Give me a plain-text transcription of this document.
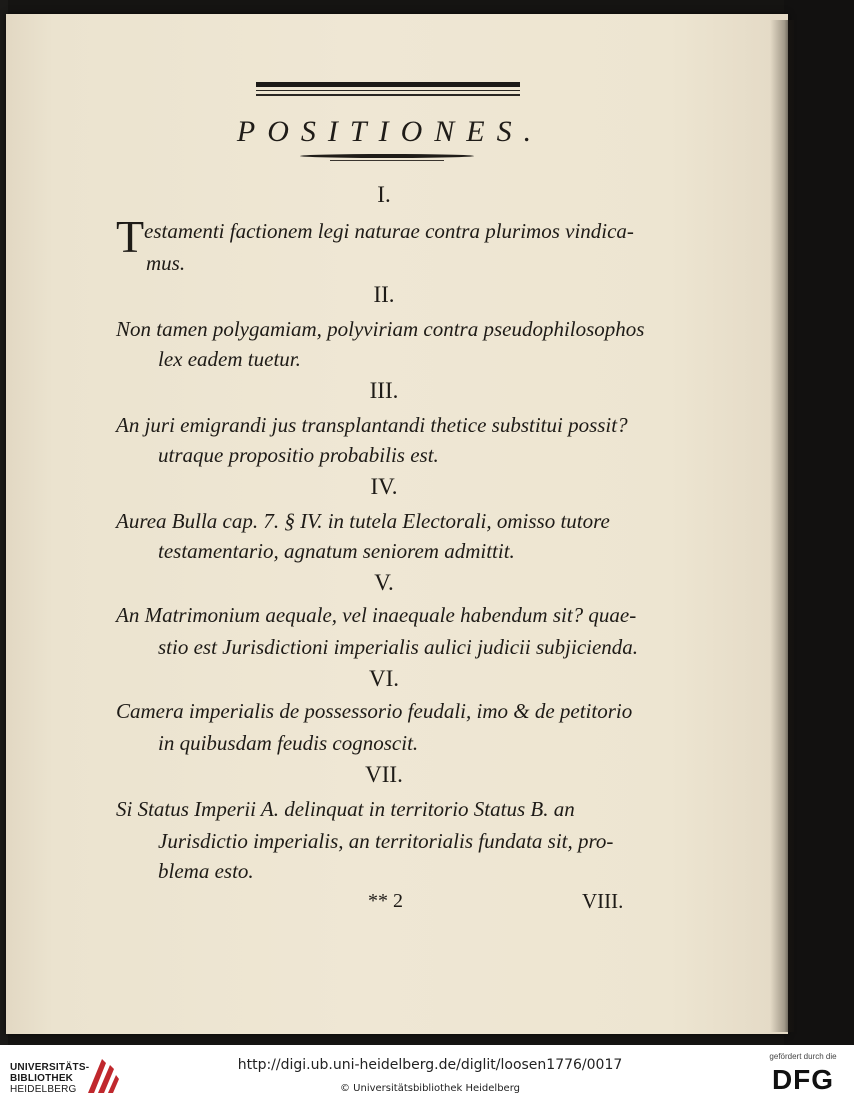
POSITIONES.
I.
T estamenti factionem legi naturae contra plurimos vindica-
mus.
II.
Non tamen polygamiam, polyviriam contra pseudophilosophos
lex eadem tuetur.
III.
An juri emigrandi jus transplantandi thetice substitui possit?
utraque propositio probabilis est.
IV.
Aurea Bulla cap. 7. § IV. in tutela Electorali, omisso tutore
testamentario, agnatum seniorem admittit.
V.
An Matrimonium aequale, vel inaequale habendum sit? quae-
stio est Jurisdictioni imperialis aulici judicii subjicienda.
VI.
Camera imperialis de possessorio feudali, imo & de petitorio
in quibusdam feudis cognoscit.
VII.
Si Status Imperii A. delinquat in territorio Status B. an
Jurisdictio imperialis, an territorialis fundata sit, pro-
blema esto.
** 2	VIII.
UNIVERSITÄTS-
BIBLIOTHEK
HEIDELBERG
http://digi.ub.uni-heidelberg.de/diglit/loosen1776/0017
© Universitätsbibliothek Heidelberg
gefördert durch die
DFG
